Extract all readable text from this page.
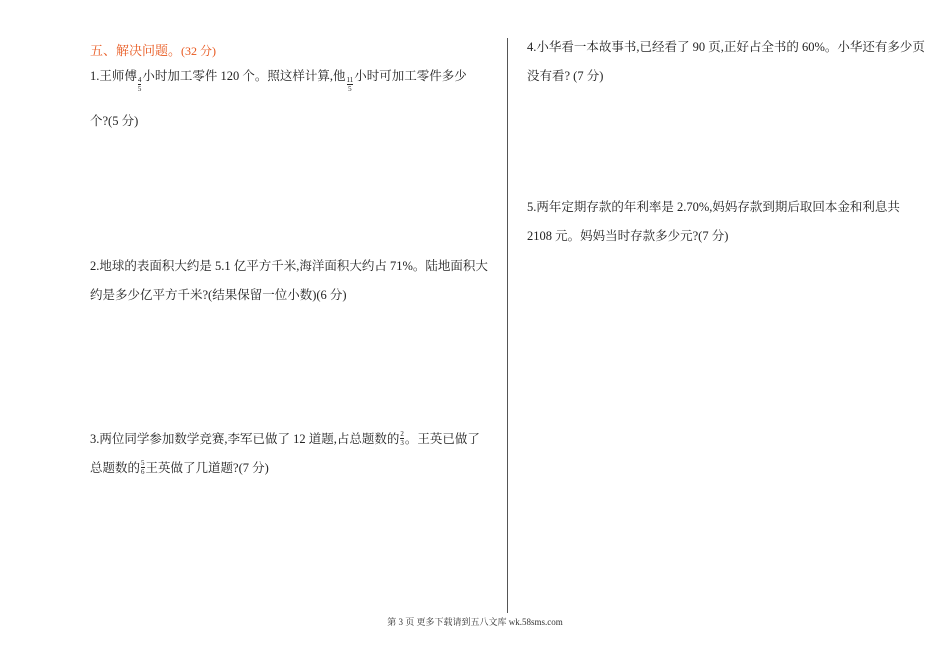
五、解决问题。(32 分)
1.王师傅 $\frac{4}{5}$ 小时加工零件 120 个。照这样计算,他 $\frac{11}{5}$ 小时可加工零件多少
个?(5 分)
2.地球的表面积大约是 5.1 亿平方千米,海洋面积大约占 71%。陆地面积大
约是多少亿平方千米?(结果保留一位小数)(6 分)
3.两位同学参加数学竞赛,李军已做了 12 道题,占总题数的 $\frac{2}{3}$ 。王英已做了
总题数的 $\frac{5}{6}$ 王英做了几道题?(7 分)
4.小华看一本故事书,已经看了 90 页,正好占全书的 60%。小华还有多少页
没有看? (7 分)
5.两年定期存款的年利率是 2.70%,妈妈存款到期后取回本金和利息共
2108 元。妈妈当时存款多少元?(7 分)
第 3 页 更多下载请到五八文库 wk.58sms.com
